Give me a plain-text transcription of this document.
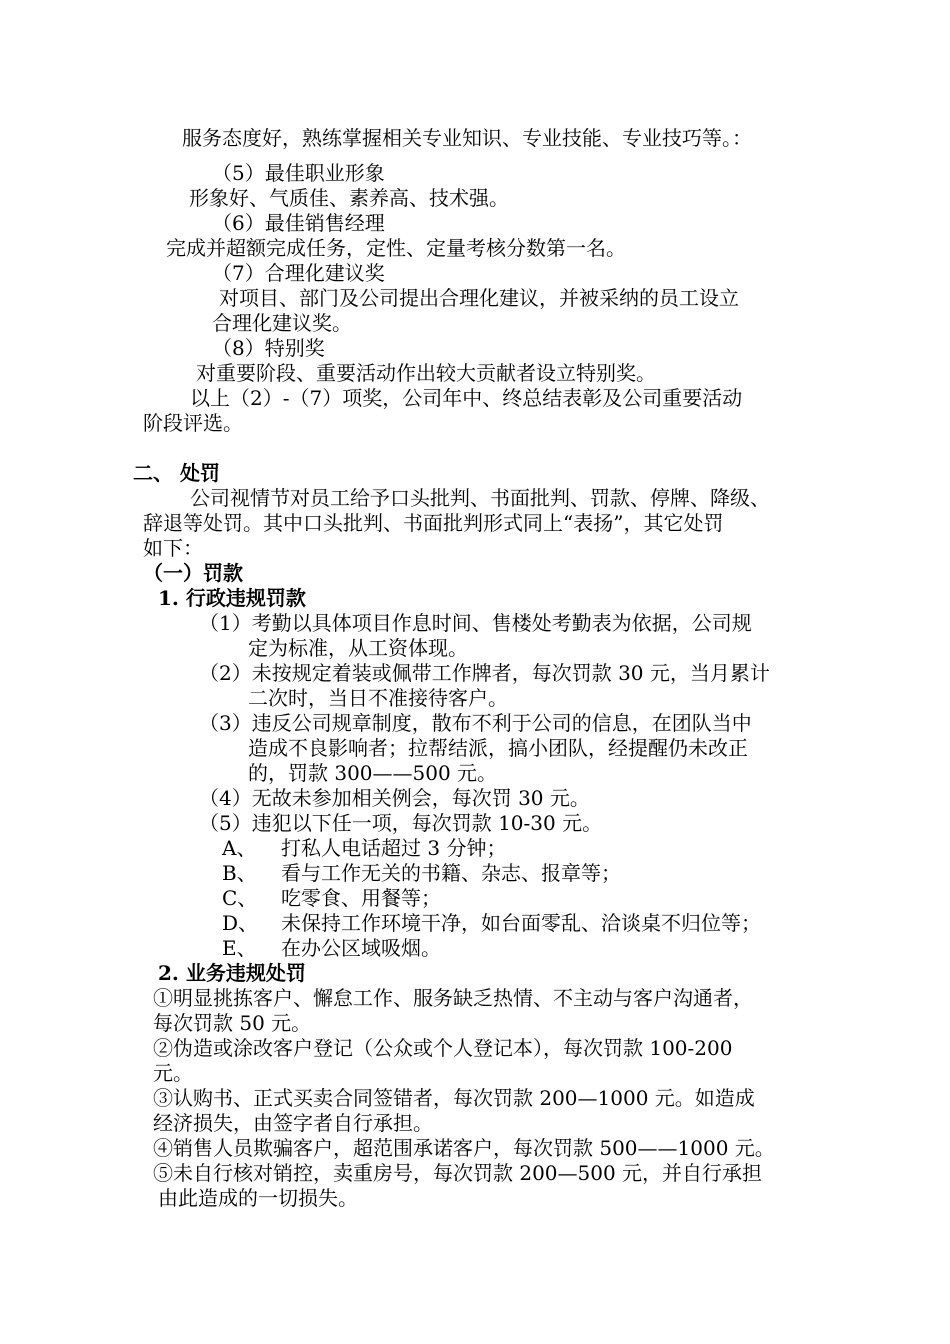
服务态度好，熟练掌握相关专业知识、专业技能、专业技巧等。：
（5）最佳职业形象
形象好、气质佳、素养高、技术强。
（6）最佳销售经理
完成并超额完成任务，定性、定量考核分数第一名。
（7）合理化建议奖
对项目、部门及公司提出合理化建议，并被采纳的员工设立
合理化建议奖。
（8）特别奖
对重要阶段、重要活动作出较大贡献者设立特别奖。
以上（2）-（7）项奖，公司年中、终总结表彰及公司重要活动
阶段评选。
二、 处罚
公司视情节对员工给予口头批判、书面批判、罚款、停牌、降级、
辞退等处罚。其中口头批判、书面批判形式同上“表扬”，其它处罚
如下：
（一）罚款
1. 行政违规罚款
（1）考勤以具体项目作息时间、售楼处考勤表为依据，公司规
定为标准，从工资体现。
（2）未按规定着装或佩带工作牌者，每次罚款 30 元，当月累计
二次时，当日不准接待客户。
（3）违反公司规章制度，散布不利于公司的信息，在团队当中
造成不良影响者；拉帮结派，搞小团队，经提醒仍未改正
的，罚款 300——500 元。
（4）无故未参加相关例会，每次罚 30 元。
（5）违犯以下任一项，每次罚款 10-30 元。
A、 打私人电话超过 3 分钟；
B、 看与工作无关的书籍、杂志、报章等；
C、 吃零食、用餐等；
D、 未保持工作环境干净，如台面零乱、洽谈桌不归位等；
E、 在办公区域吸烟。
2. 业务违规处罚
①明显挑拣客户、懈怠工作、服务缺乏热情、不主动与客户沟通者，
每次罚款 50 元。
②伪造或涂改客户登记（公众或个人登记本），每次罚款 100-200
元。
③认购书、正式买卖合同签错者，每次罚款 200—1000 元。如造成
经济损失，由签字者自行承担。
④销售人员欺骗客户，超范围承诺客户，每次罚款 500——1000 元。
⑤未自行核对销控，卖重房号，每次罚款 200—500 元，并自行承担
由此造成的一切损失。
